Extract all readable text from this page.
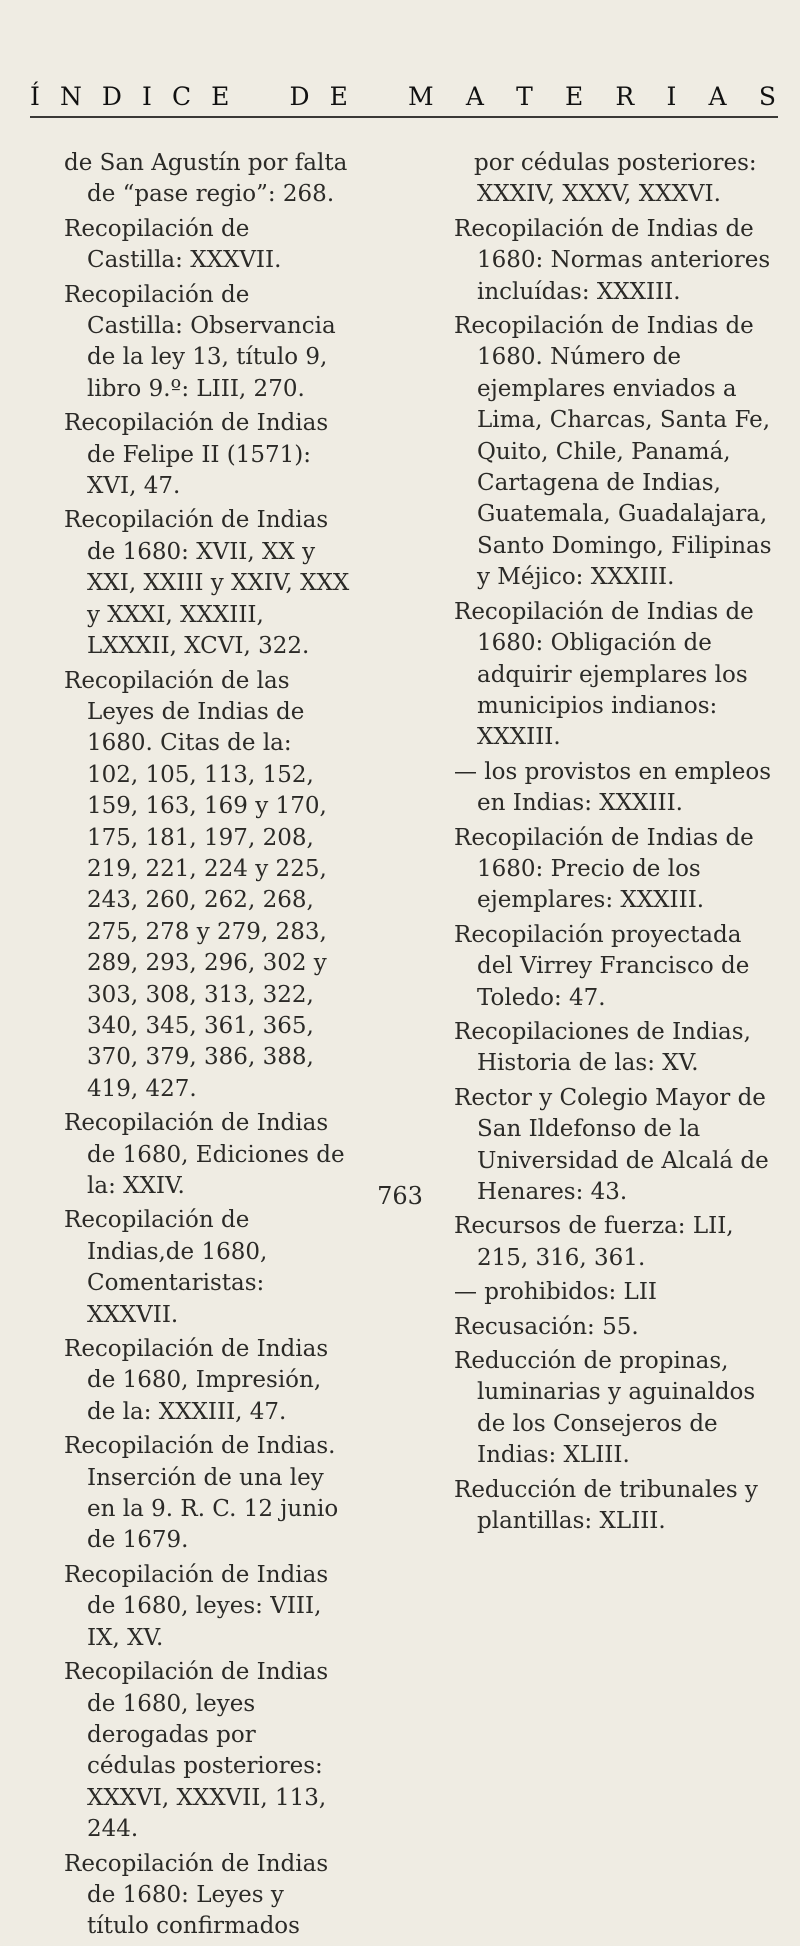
Í N D I C E D E M A T E R I A S

de San Agustín por falta de “pase regio”: 268.

Recopilación de Castilla: XXXVII.

Recopilación de Castilla: Observancia de la ley 13, título 9, libro 9.º: LIII, 270.

Recopilación de Indias de Felipe II (1571): XVI, 47.

Recopilación de Indias de 1680: XVII, XX y XXI, XXIII y XXIV, XXX y XXXI, XXXIII, LXXXII, XCVI, 322.

Recopilación de las Leyes de Indias de 1680. Citas de la: 102, 105, 113, 152, 159, 163, 169 y 170, 175, 181, 197, 208, 219, 221, 224 y 225, 243, 260, 262, 268, 275, 278 y 279, 283, 289, 293, 296, 302 y 303, 308, 313, 322, 340, 345, 361, 365, 370, 379, 386, 388, 419, 427.

Recopilación de Indias de 1680, Ediciones de la: XXIV.

Recopilación de Indias,de 1680, Comentaristas: XXXVII.

Recopilación de Indias de 1680, Impresión, de la: XXXIII, 47.

Recopilación de Indias. Inserción de una ley en la 9. R. C. 12 junio de 1679.

Recopilación de Indias de 1680, leyes: VIII, IX, XV.

Recopilación de Indias de 1680, leyes derogadas por cédulas posteriores: XXXVI, XXXVII, 113, 244.

Recopilación de Indias de 1680: Leyes y título confirmados

por cédulas posteriores: XXXIV, XXXV, XXXVI.

Recopilación de Indias de 1680: Normas anteriores incluídas: XXXIII.

Recopilación de Indias de 1680. Número de ejemplares enviados a Lima, Charcas, Santa Fe, Quito, Chile, Panamá, Cartagena de Indias, Guatemala, Guadalajara, Santo Domingo, Filipinas y Méjico: XXXIII.

Recopilación de Indias de 1680: Obligación de adquirir ejemplares los municipios indianos: XXXIII.

— los provistos en empleos en Indias: XXXIII.

Recopilación de Indias de 1680: Precio de los ejemplares: XXXIII.

Recopilación proyectada del Virrey Francisco de Toledo: 47.

Recopilaciones de Indias, Historia de las: XV.

Rector y Colegio Mayor de San Ildefonso de la Universidad de Alcalá de Henares: 43.

Recursos de fuerza: LII, 215, 316, 361.

— prohibidos: LII

Recusación: 55.

Reducción de propinas, luminarias y aguinaldos de los Consejeros de Indias: XLIII.

Reducción de tribunales y plantillas: XLIII.

763
